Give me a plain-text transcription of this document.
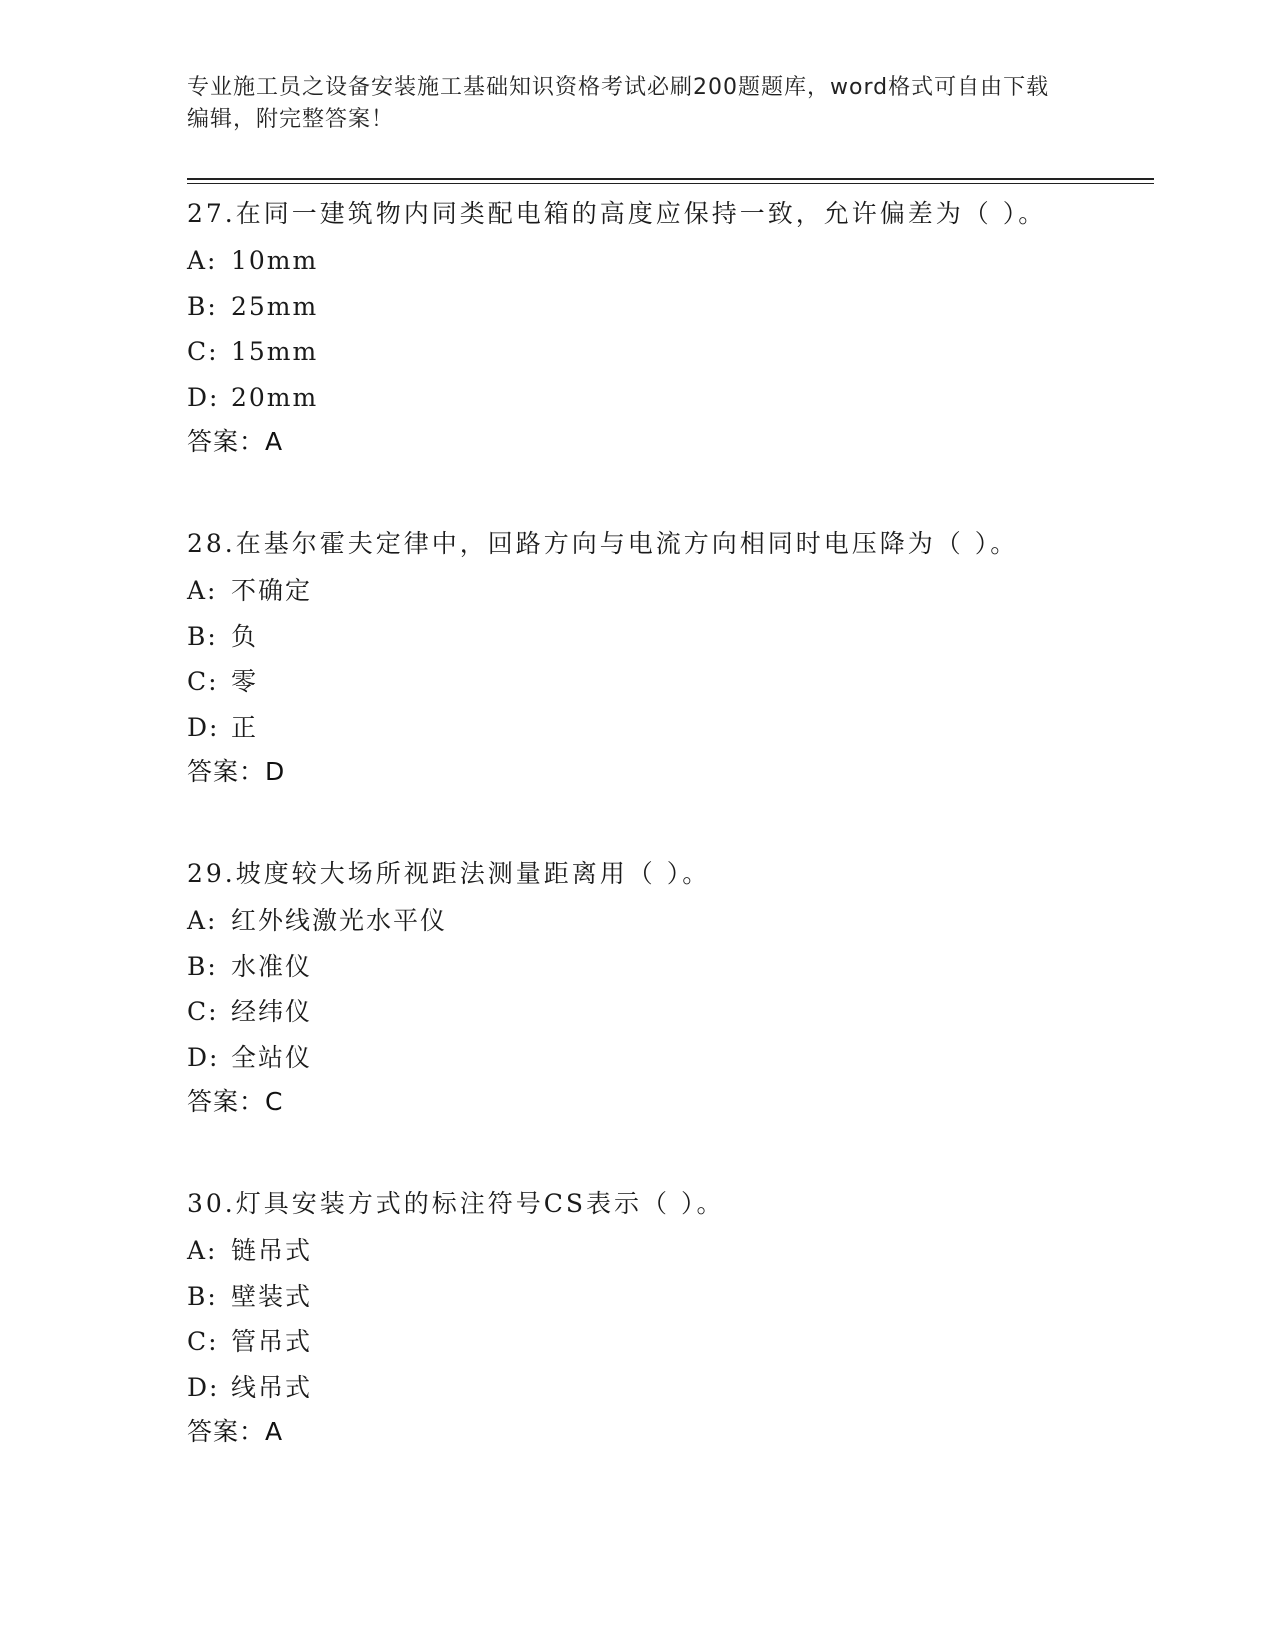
专业施工员之设备安装施工基础知识资格考试必刷200题题库，word格式可自由下载编辑，附完整答案！
27.在同一建筑物内同类配电箱的高度应保持一致，允许偏差为（ ）。
A: 10mm
B: 25mm
C: 15mm
D: 20mm
答案：A
28.在基尔霍夫定律中，回路方向与电流方向相同时电压降为（ ）。
A: 不确定
B: 负
C: 零
D: 正
答案：D
29.坡度较大场所视距法测量距离用（ ）。
A: 红外线激光水平仪
B: 水准仪
C: 经纬仪
D: 全站仪
答案：C
30.灯具安装方式的标注符号CS表示（ ）。
A: 链吊式
B: 壁装式
C: 管吊式
D: 线吊式
答案：A
